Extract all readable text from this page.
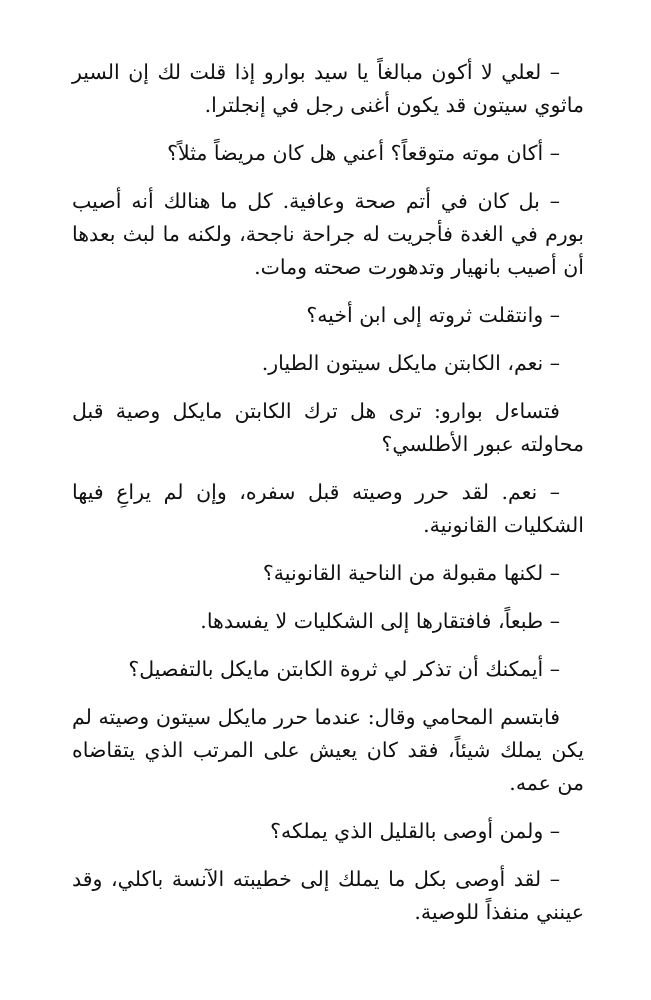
– لعلي لا أكون مبالغاً يا سيد بوارو إذا قلت لك إن السير ماثوي سيتون قد يكون أغنى رجل في إنجلترا.

– أكان موته متوقعاً؟ أعني هل كان مريضاً مثلاً؟

– بل كان في أتم صحة وعافية. كل ما هنالك أنه أصيب بورم في الغدة فأجريت له جراحة ناجحة، ولكنه ما لبث بعدها أن أصيب بانهيار وتدهورت صحته ومات.

– وانتقلت ثروته إلى ابن أخيه؟

– نعم، الكابتن مايكل سيتون الطيار.

فتساءل بوارو: ترى هل ترك الكابتن مايكل وصية قبل محاولته عبور الأطلسي؟

– نعم. لقد حرر وصيته قبل سفره، وإن لم يراعِ فيها الشكليات القانونية.

– لكنها مقبولة من الناحية القانونية؟

– طبعاً، فافتقارها إلى الشكليات لا يفسدها.

– أيمكنك أن تذكر لي ثروة الكابتن مايكل بالتفصيل؟

فابتسم المحامي وقال: عندما حرر مايكل سيتون وصيته لم يكن يملك شيئاً، فقد كان يعيش على المرتب الذي يتقاضاه من عمه.

– ولمن أوصى بالقليل الذي يملكه؟

– لقد أوصى بكل ما يملك إلى خطيبته الآنسة باكلي، وقد عينني منفذاً للوصية.
